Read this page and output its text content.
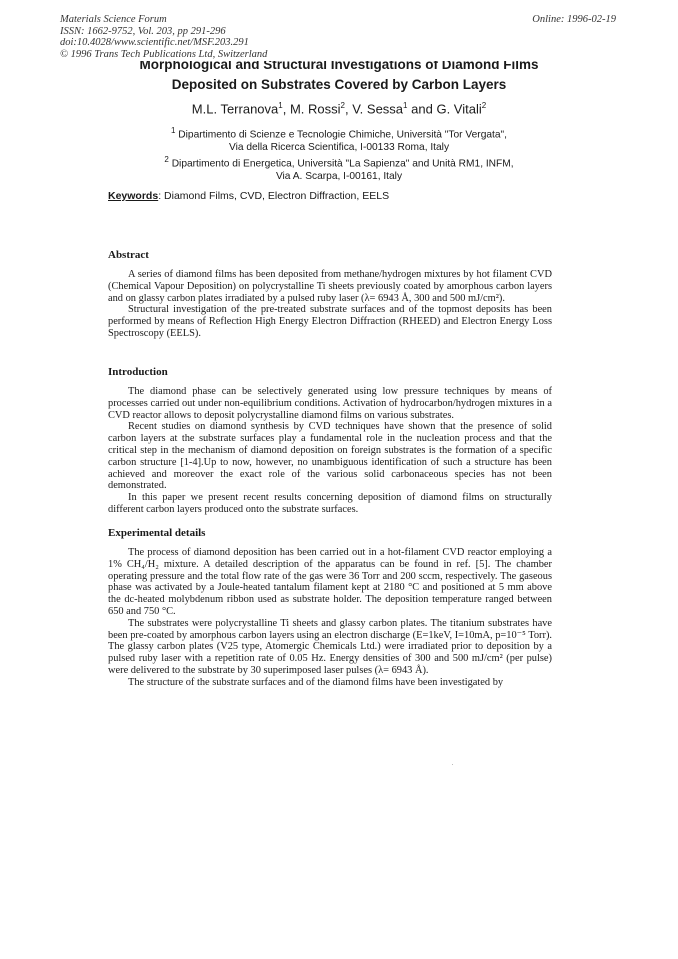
Materials Science Forum
ISSN: 1662-9752, Vol. 203, pp 291-296
doi:10.4028/www.scientific.net/MSF.203.291
© 1996 Trans Tech Publications Ltd, Switzerland
Online: 1996-02-19
Morphological and Structural Investigations of Diamond Films
Deposited on Substrates Covered by Carbon Layers
M.L. Terranova$^1$, M. Rossi$^2$, V. Sessa$^1$ and G. Vitali$^2$
$^1$ Dipartimento di Scienze e Tecnologie Chimiche, Università "Tor Vergata",
Via della Ricerca Scientifica, I-00133 Roma, Italy
$^2$ Dipartimento di Energetica, Università "La Sapienza" and Unità RM1, INFM,
Via A. Scarpa, I-00161, Italy
Keywords: Diamond Films, CVD, Electron Diffraction, EELS
Abstract

A series of diamond films has been deposited from methane/hydrogen mixtures by hot filament CVD (Chemical Vapour Deposition) on polycrystalline Ti sheets previously coated by amorphous carbon layers and on glassy carbon plates irradiated by a pulsed ruby laser (λ= 6943 Å, 300 and 500 mJ/cm²).

Structural investigation of the pre-treated substrate surfaces and of the topmost deposits has been performed by means of Reflection High Energy Electron Diffraction (RHEED) and Electron Energy Loss Spectroscopy (EELS).

Introduction

The diamond phase can be selectively generated using low pressure techniques by means of processes carried out under non-equilibrium conditions. Activation of hydrocarbon/hydrogen mixtures in a CVD reactor allows to deposit polycrystalline diamond films on various substrates.

Recent studies on diamond synthesis by CVD techniques have shown that the presence of solid carbon layers at the substrate surfaces play a fundamental role in the nucleation process and that the critical step in the mechanism of diamond deposition on foreign substrates is the formation of a specific carbon structure [1-4].Up to now, however, no unambiguous identification of such a structure has been achieved and moreover the exact role of the various solid carbonaceous species has not been demonstrated.

In this paper we present recent results concerning deposition of diamond films on structurally different carbon layers produced onto the substrate surfaces.

Experimental details

The process of diamond deposition has been carried out in a hot-filament CVD reactor employing a 1% CH₄/H₂ mixture. A detailed description of the apparatus can be found in ref. [5]. The chamber operating pressure and the total flow rate of the gas were 36 Torr and 200 sccm, respectively. The gaseous phase was activated by a Joule-heated tantalum filament kept at 2180 °C and positioned at 5 mm above the dc-heated molybdenum ribbon used as substrate holder. The deposition temperature ranged between 650 and 750 °C.

The substrates were polycrystalline Ti sheets and glassy carbon plates. The titanium substrates have been pre-coated by amorphous carbon layers using an electron discharge (E=1keV, I=10mA, p=10⁻⁵ Torr). The glassy carbon plates (V25 type, Atomergic Chemicals Ltd.) were irradiated prior to deposition by a pulsed ruby laser with a repetition rate of 0.05 Hz. Energy densities of 300 and 500 mJ/cm² (per pulse) were delivered to the substrate by 30 superimposed laser pulses (λ= 6943 Å).

The structure of the substrate surfaces and of the diamond films have been investigated by
